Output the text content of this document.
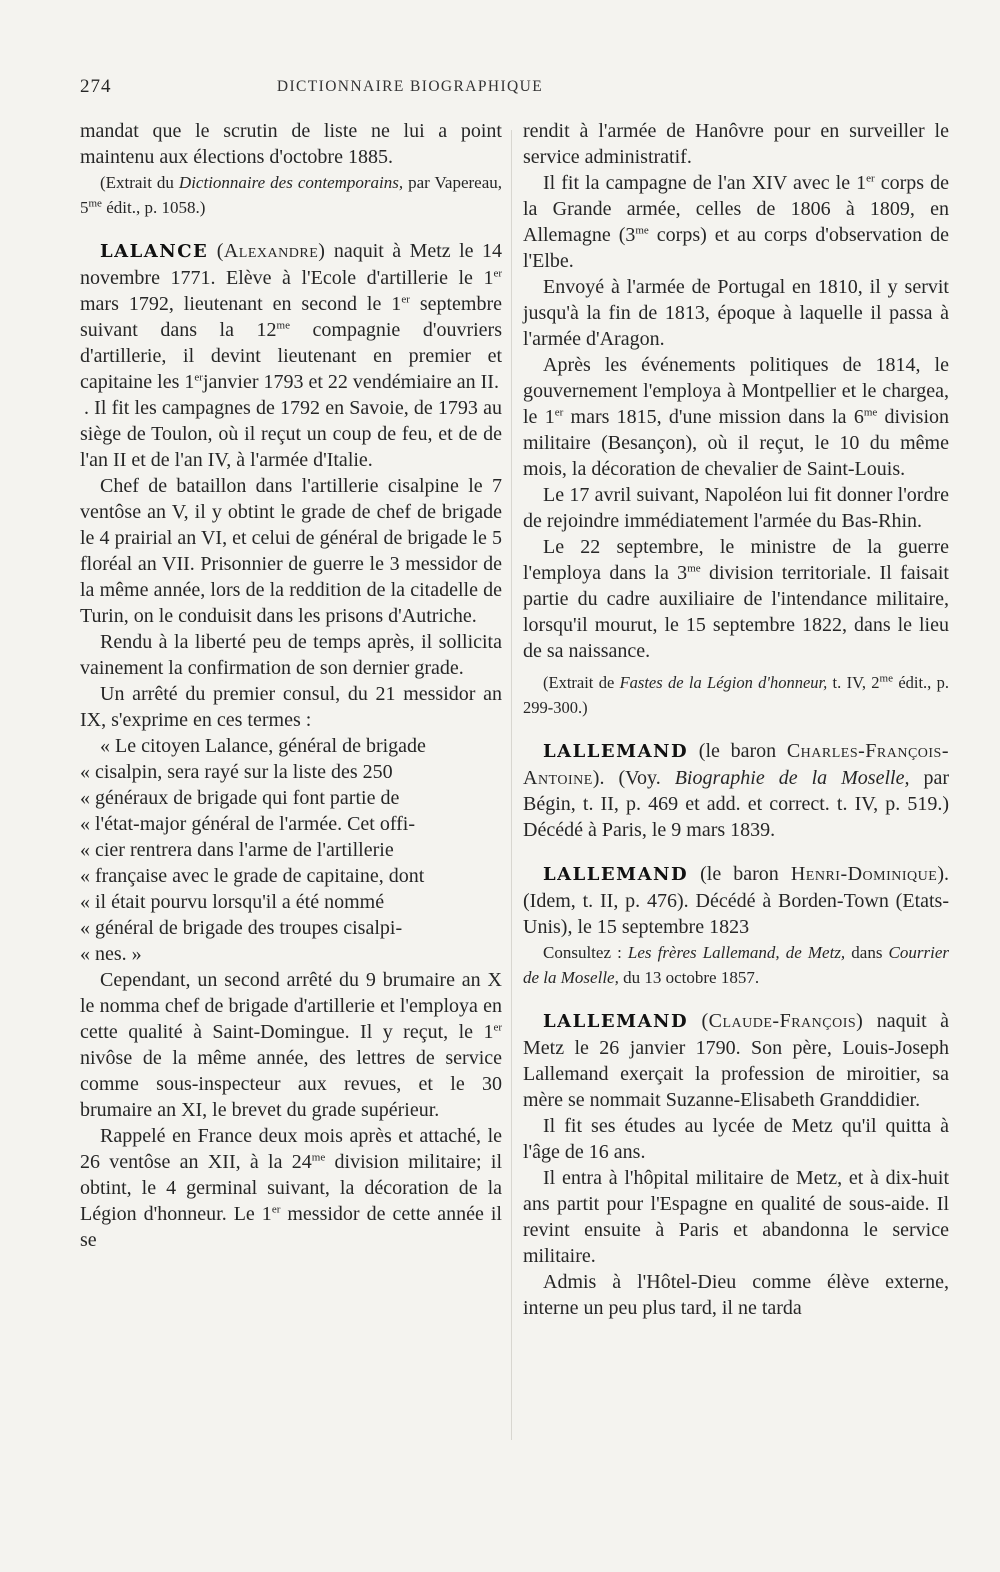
274	DICTIONNAIRE BIOGRAPHIQUE

mandat que le scrutin de liste ne lui a point maintenu aux élections d'octobre 1885.

(Extrait du Dictionnaire des contemporains, par Vapereau, $5^{me}$ édit., p. 1058.)

LALANCE (Alexandre) naquit à Metz le 14 novembre 1771. Elève à l'Ecole d'artillerie le 1er mars 1792, lieutenant en second le 1er septembre suivant dans la $12^{me}$ compagnie d'ouvriers d'artillerie, il devint lieutenant en premier et capitaine les 1erjanvier 1793 et 22 vendémiaire an II.

. Il fit les campagnes de 1792 en Savoie, de 1793 au siège de Toulon, où il reçut un coup de feu, et de de l'an II et de l'an IV, à l'armée d'Italie.

Chef de bataillon dans l'artillerie cisalpine le 7 ventôse an V, il y obtint le grade de chef de brigade le 4 prairial an VI, et celui de général de brigade le 5 floréal an VII. Prisonnier de guerre le 3 messidor de la même année, lors de la reddition de la citadelle de Turin, on le conduisit dans les prisons d'Autriche.

Rendu à la liberté peu de temps après, il sollicita vainement la confirmation de son dernier grade.

Un arrêté du premier consul, du 21 messidor an IX, s'exprime en ces termes :

« Le citoyen Lalance, général de brigade
« cisalpin, sera rayé sur la liste des 250
« généraux de brigade qui font partie de
« l'état-major général de l'armée. Cet offi-
« cier rentrera dans l'arme de l'artillerie
« française avec le grade de capitaine, dont
« il était pourvu lorsqu'il a été nommé
« général de brigade des troupes cisalpi-
« nes. »

Cependant, un second arrêté du 9 brumaire an X le nomma chef de brigade d'artillerie et l'employa en cette qualité à Saint-Domingue. Il y reçut, le 1er nivôse de la même année, des lettres de service comme sous-inspecteur aux revues, et le 30 brumaire an XI, le brevet du grade supérieur.

Rappelé en France deux mois après et attaché, le 26 ventôse an XII, à la $24^{me}$ division militaire; il obtint, le 4 germinal suivant, la décoration de la Légion d'honneur. Le 1er messidor de cette année il se

rendit à l'armée de Hanôvre pour en surveiller le service administratif.

Il fit la campagne de l'an XIV avec le 1er corps de la Grande armée, celles de 1806 à 1809, en Allemagne ($3^{me}$ corps) et au corps d'observation de l'Elbe.

Envoyé à l'armée de Portugal en 1810, il y servit jusqu'à la fin de 1813, époque à laquelle il passa à l'armée d'Aragon.

Après les événements politiques de 1814, le gouvernement l'employa à Montpellier et le chargea, le 1er mars 1815, d'une mission dans la $6^{me}$ division militaire (Besançon), où il reçut, le 10 du même mois, la décoration de chevalier de Saint-Louis.

Le 17 avril suivant, Napoléon lui fit donner l'ordre de rejoindre immédiatement l'armée du Bas-Rhin.

Le 22 septembre, le ministre de la guerre l'employa dans la $3^{me}$ division territoriale. Il faisait partie du cadre auxiliaire de l'intendance militaire, lorsqu'il mourut, le 15 septembre 1822, dans le lieu de sa naissance.

(Extrait de Fastes de la Légion d'honneur, t. IV, $2^{me}$ édit., p. 299-300.)

LALLEMAND (le baron Charles-François-Antoine). (Voy. Biographie de la Moselle, par Bégin, t. II, p. 469 et add. et correct. t. IV, p. 519.) Décédé à Paris, le 9 mars 1839.

LALLEMAND (le baron Henri-Dominique). (Idem, t. II, p. 476). Décédé à Borden-Town (Etats-Unis), le 15 septembre 1823

Consultez : Les frères Lallemand, de Metz, dans Courrier de la Moselle, du 13 octobre 1857.

LALLEMAND (Claude-François) naquit à Metz le 26 janvier 1790. Son père, Louis-Joseph Lallemand exerçait la profession de miroitier, sa mère se nommait Suzanne-Elisabeth Granddidier.

Il fit ses études au lycée de Metz qu'il quitta à l'âge de 16 ans.

Il entra à l'hôpital militaire de Metz, et à dix-huit ans partit pour l'Espagne en qualité de sous-aide. Il revint ensuite à Paris et abandonna le service militaire.

Admis à l'Hôtel-Dieu comme élève externe, interne un peu plus tard, il ne tarda
